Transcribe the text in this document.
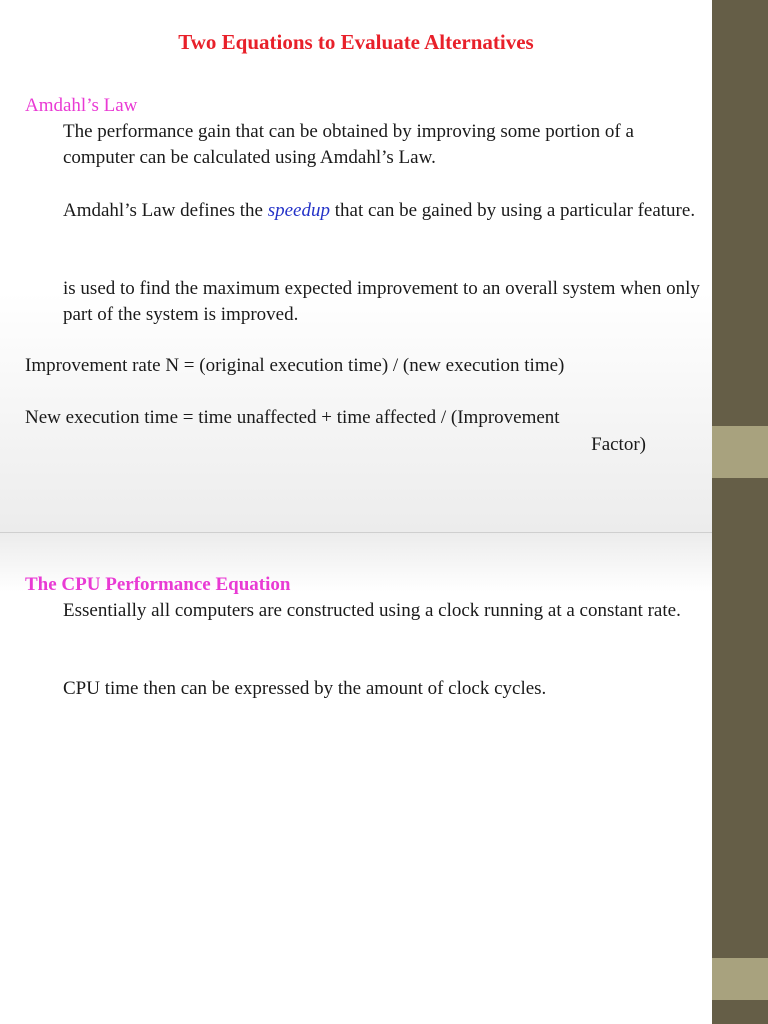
Two Equations to Evaluate Alternatives
Amdahl’s Law
The performance gain that can be obtained by improving some portion of a computer can be calculated using Amdahl’s Law.
Amdahl’s Law defines the speedup that can be gained by using a particular feature.
is used to find the maximum expected improvement to an overall system when only part of the system is improved.
Improvement rate N = (original execution time) / (new execution time)
New execution time = time unaffected + time affected / (Improvement
Factor)
The CPU Performance Equation
Essentially all computers are constructed using a clock running at a constant rate.
CPU time then can be expressed by the amount of clock cycles.
